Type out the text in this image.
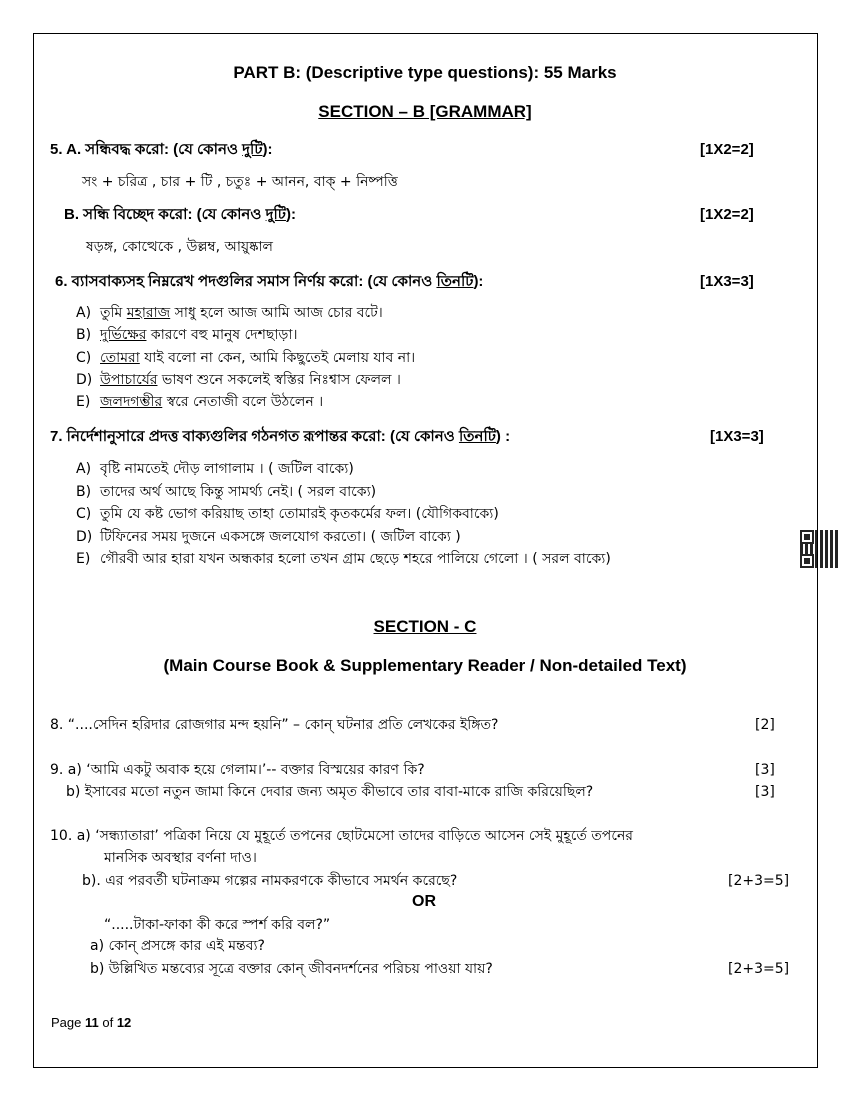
PART B: (Descriptive type questions): 55 Marks
SECTION – B [GRAMMAR]
5. A. সন্ধিবদ্ধ করো: (যে কোনও দুটি):	[1X2=2]
সং + চরিত্র , চার + টি , চতুঃ + আনন, বাক্ + নিষ্পত্তি
B. সন্ধি বিচ্ছেদ করো: (যে কোনও দুটি):	[1X2=2]
ষড়ঙ্গ, কোত্থেকে , উল্লম্ব, আয়ুষ্কাল
6. ব্যাসবাক্যসহ নিম্নরেখ পদগুলির সমাস নির্ণয় করো: (যে কোনও তিনটি):	[1X3=3]
7. নির্দেশানুসারে প্রদত্ত বাক্যগুলির গঠনগত রূপান্তর করো: (যে কোনও তিনটি) :	[1X3=3]
SECTION - C
(Main Course Book & Supplementary Reader / Non-detailed Text)
8. “....সেদিন হরিদার রোজগার মন্দ হয়নি” – কোন্ ঘটনার প্রতি লেখকের ইঙ্গিত?	[2]
9. a) ‘আমি একটু অবাক হয়ে গেলাম।’-- বক্তার বিস্ময়ের কারণ কি?	[3]
b) ইসাবের মতো নতুন জামা কিনে দেবার জন্য অমৃত কীভাবে তার বাবা-মাকে রাজি করিয়েছিল?	[3]
10. a) ‘সন্ধ্যাতারা’ পত্রিকা নিয়ে যে মুহূর্তে তপনের ছোটমেসো তাদের বাড়িতে আসেন সেই মুহূর্তে তপনের
মানসিক অবস্থার বর্ণনা দাও।
b). এর পরবর্তী ঘটনাক্রম গল্পের নামকরণকে কীভাবে সমর্থন করেছে?	[2+3=5]
OR
“.....টাকা-ফাকা কী করে স্পর্শ করি বল?”
a) কোন্ প্রসঙ্গে কার এই মন্তব্য?
b) উল্লিখিত মন্তব্যের সূত্রে বক্তার কোন্ জীবনদর্শনের পরিচয় পাওয়া যায়?	[2+3=5]
Page 11 of 12
A) তুমি মহারাজ সাধু হলে আজ আমি আজ চোর বটে।
B) দুর্ভিক্ষের কারণে বহু মানুষ দেশছাড়া।
C) তোমরা যাই বলো না কেন, আমি কিছুতেই মেলায় যাব না।
D) উপাচার্যের ভাষণ শুনে সকলেই স্বস্তির নিঃশ্বাস ফেলল ।
E) জলদগম্ভীর স্বরে নেতাজী বলে উঠলেন ।
A) বৃষ্টি নামতেই দৌড় লাগালাম । ( জটিল বাক্যে)
B) তাদের অর্থ আছে কিন্তু সামর্থ্য নেই। ( সরল বাক্যে)
C) তুমি যে কষ্ট ভোগ করিয়াছ তাহা তোমারই কৃতকর্মের ফল। (যৌগিকবাক্যে)
D) টিফিনের সময় দুজনে একসঙ্গে জলযোগ করতো। ( জটিল বাক্যে )
E) গৌরবী আর হারা যখন অন্ধকার হলো তখন গ্রাম ছেড়ে শহরে পালিয়ে গেলো । ( সরল বাক্যে)
